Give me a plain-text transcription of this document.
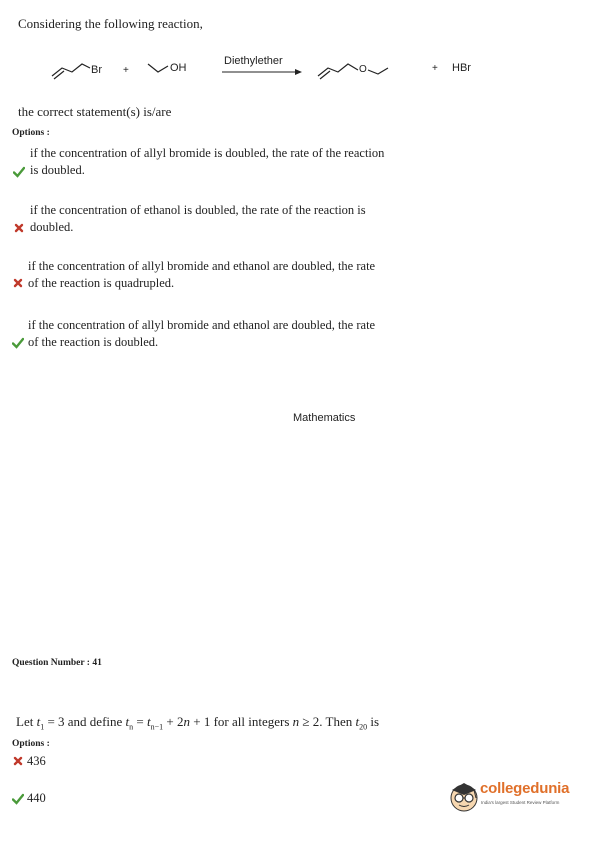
Considering the following reaction,
Br +	OH
Diethylether
O	+ HBr
the correct statement(s) is/are
Options :
if the concentration of allyl bromide is doubled, the rate of the reaction
is doubled.
if the concentration of ethanol is doubled, the rate of the reaction is
doubled.
if the concentration of allyl bromide and ethanol are doubled, the rate
of the reaction is quadrupled.
if the concentration of allyl bromide and ethanol are doubled, the rate
of the reaction is doubled.
Mathematics
Question Number : 41
Let $t_1 = 3$ and define $t_n = t_{n-1} + 2n + 1$ for all integers n ≥ 2. Then $t_{20}$ is
Options :
436
440
collegedunia
India's largest Student Review Platform
